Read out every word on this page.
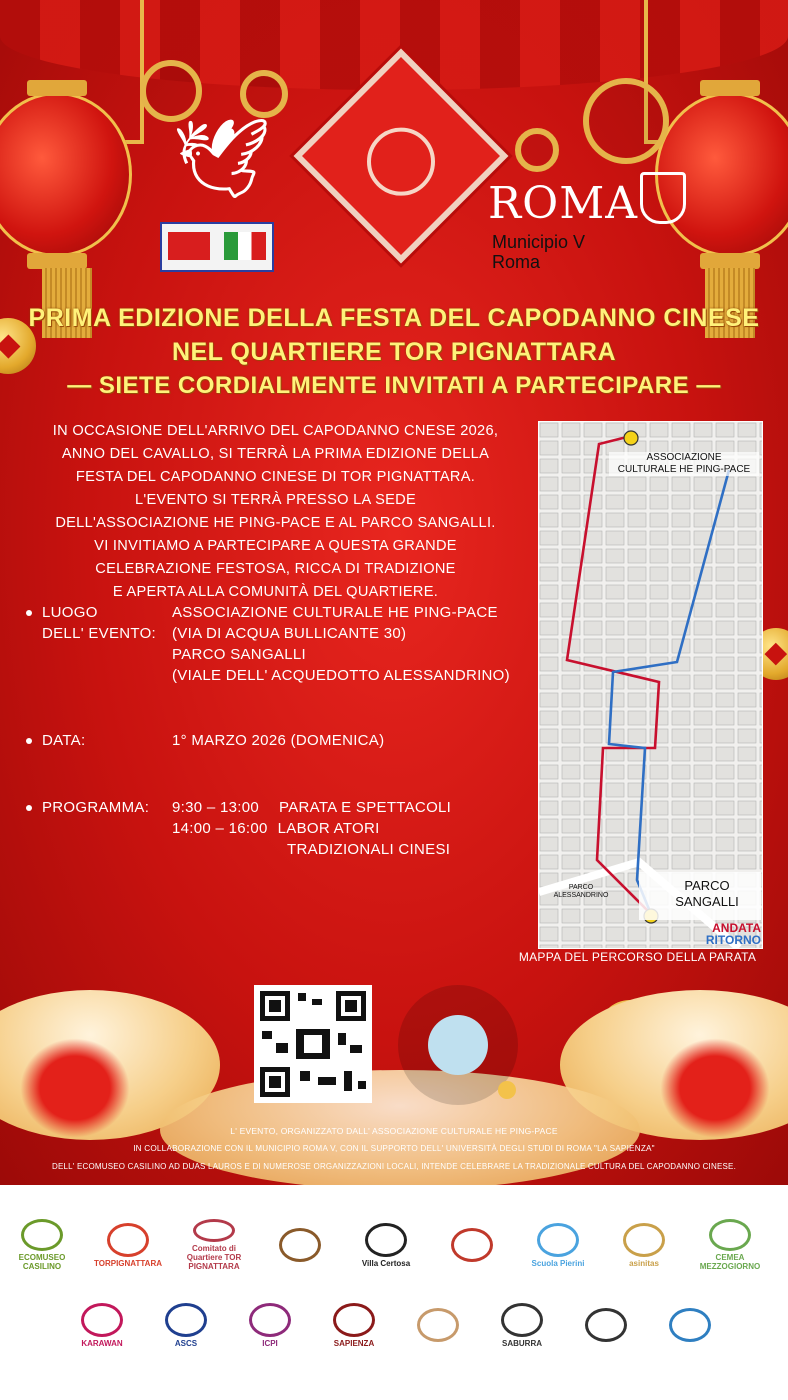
🕊	ROMA
Municipio V
Roma
PRIMA EDIZIONE DELLA FESTA DEL CAPODANNO CINESE
NEL QUARTIERE TOR PIGNATTARA
— SIETE CORDIALMENTE INVITATI A PARTECIPARE —
IN OCCASIONE DELL'ARRIVO DEL CAPODANNO CNESE 2026,
ANNO DEL CAVALLO, SI TERRÀ LA PRIMA EDIZIONE DELLA
FESTA DEL CAPODANNO CINESE DI TOR PIGNATTARA.
L'EVENTO SI TERRÀ PRESSO LA SEDE
DELL'ASSOCIAZIONE HE PING-PACE E AL PARCO SANGALLI.
VI INVITIAMO A PARTECIPARE A QUESTA GRANDE
CELEBRAZIONE FESTOSA, RICCA DI TRADIZIONE
E APERTA ALLA COMUNITÀ DEL QUARTIERE.
LUOGO
DELL' EVENTO:
ASSOCIAZIONE CULTURALE HE PING-PACE
(VIA DI ACQUA BULLICANTE 30)
PARCO SANGALLI
(VIALE DELL' ACQUEDOTTO ALESSANDRINO)
DATA:	1° MARZO 2026 (DOMENICA)
PROGRAMMA: 9:30 – 13:00 PARATA E SPETTACOLI
14:00 – 16:00 LABOR ATORI
TRADIZIONALI CINESI
ASSOCIAZIONE
CULTURALE HE PING-PACE
PARCO
SANGALLI
PARCO
ALESSANDRINO
ANDATA
RITORNO
MAPPA DEL PERCORSO DELLA PARATA
L' EVENTO, ORGANIZZATO DALL' ASSOCIAZIONE CULTURALE HE PING-PACE
IN COLLABORAZIONE CON IL MUNICIPIO ROMA V, CON IL SUPPORTO DELL' UNIVERSITÀ DEGLI STUDI DI ROMA "LA SAPIENZA"
DELL' ECOMUSEO CASILINO AD DUAS LAUROS E DI NUMEROSE ORGANIZZAZIONI LOCALI, INTENDE CELEBRARE LA TRADIZIONALE CULTURA DEL CAPODANNO CINESE.
ECOMUSEO CASILINO	TORPIGNATTARA
Comitato di Quartiere TOR PIGNATTARA	Villa Certosa	Scuola Pierini	asinitas
CEMEA MEZZOGIORNO
KARAWAN	ASCS	ICPI	SAPIENZA	SABURRA
